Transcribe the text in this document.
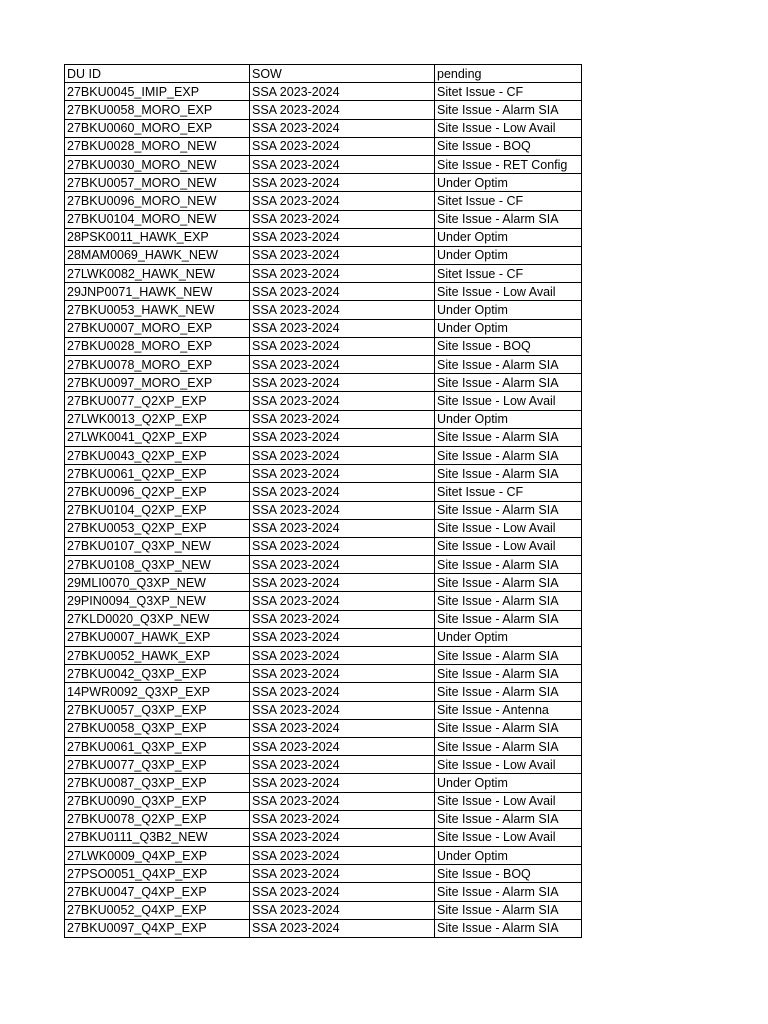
DU ID	SOW	pending
27BKU0045_IMIP_EXP	SSA 2023-2024	Sitet Issue - CF
27BKU0058_MORO_EXP	SSA 2023-2024	Site Issue - Alarm SIA
27BKU0060_MORO_EXP	SSA 2023-2024	Site Issue - Low Avail
27BKU0028_MORO_NEW	SSA 2023-2024	Site Issue - BOQ
27BKU0030_MORO_NEW	SSA 2023-2024	Site Issue - RET Config
27BKU0057_MORO_NEW	SSA 2023-2024	Under Optim
27BKU0096_MORO_NEW	SSA 2023-2024	Sitet Issue - CF
27BKU0104_MORO_NEW	SSA 2023-2024	Site Issue - Alarm SIA
28PSK0011_HAWK_EXP	SSA 2023-2024	Under Optim
28MAM0069_HAWK_NEW	SSA 2023-2024	Under Optim
27LWK0082_HAWK_NEW	SSA 2023-2024	Sitet Issue - CF
29JNP0071_HAWK_NEW	SSA 2023-2024	Site Issue - Low Avail
27BKU0053_HAWK_NEW	SSA 2023-2024	Under Optim
27BKU0007_MORO_EXP	SSA 2023-2024	Under Optim
27BKU0028_MORO_EXP	SSA 2023-2024	Site Issue - BOQ
27BKU0078_MORO_EXP	SSA 2023-2024	Site Issue - Alarm SIA
27BKU0097_MORO_EXP	SSA 2023-2024	Site Issue - Alarm SIA
27BKU0077_Q2XP_EXP	SSA 2023-2024	Site Issue - Low Avail
27LWK0013_Q2XP_EXP	SSA 2023-2024	Under Optim
27LWK0041_Q2XP_EXP	SSA 2023-2024	Site Issue - Alarm SIA
27BKU0043_Q2XP_EXP	SSA 2023-2024	Site Issue - Alarm SIA
27BKU0061_Q2XP_EXP	SSA 2023-2024	Site Issue - Alarm SIA
27BKU0096_Q2XP_EXP	SSA 2023-2024	Sitet Issue - CF
27BKU0104_Q2XP_EXP	SSA 2023-2024	Site Issue - Alarm SIA
27BKU0053_Q2XP_EXP	SSA 2023-2024	Site Issue - Low Avail
27BKU0107_Q3XP_NEW	SSA 2023-2024	Site Issue - Low Avail
27BKU0108_Q3XP_NEW	SSA 2023-2024	Site Issue - Alarm SIA
29MLI0070_Q3XP_NEW	SSA 2023-2024	Site Issue - Alarm SIA
29PIN0094_Q3XP_NEW	SSA 2023-2024	Site Issue - Alarm SIA
27KLD0020_Q3XP_NEW	SSA 2023-2024	Site Issue - Alarm SIA
27BKU0007_HAWK_EXP	SSA 2023-2024	Under Optim
27BKU0052_HAWK_EXP	SSA 2023-2024	Site Issue - Alarm SIA
27BKU0042_Q3XP_EXP	SSA 2023-2024	Site Issue - Alarm SIA
14PWR0092_Q3XP_EXP	SSA 2023-2024	Site Issue - Alarm SIA
27BKU0057_Q3XP_EXP	SSA 2023-2024	Site Issue - Antenna
27BKU0058_Q3XP_EXP	SSA 2023-2024	Site Issue - Alarm SIA
27BKU0061_Q3XP_EXP	SSA 2023-2024	Site Issue - Alarm SIA
27BKU0077_Q3XP_EXP	SSA 2023-2024	Site Issue - Low Avail
27BKU0087_Q3XP_EXP	SSA 2023-2024	Under Optim
27BKU0090_Q3XP_EXP	SSA 2023-2024	Site Issue - Low Avail
27BKU0078_Q2XP_EXP	SSA 2023-2024	Site Issue - Alarm SIA
27BKU0111_Q3B2_NEW	SSA 2023-2024	Site Issue - Low Avail
27LWK0009_Q4XP_EXP	SSA 2023-2024	Under Optim
27PSO0051_Q4XP_EXP	SSA 2023-2024	Site Issue - BOQ
27BKU0047_Q4XP_EXP	SSA 2023-2024	Site Issue - Alarm SIA
27BKU0052_Q4XP_EXP	SSA 2023-2024	Site Issue - Alarm SIA
27BKU0097_Q4XP_EXP	SSA 2023-2024	Site Issue - Alarm SIA
